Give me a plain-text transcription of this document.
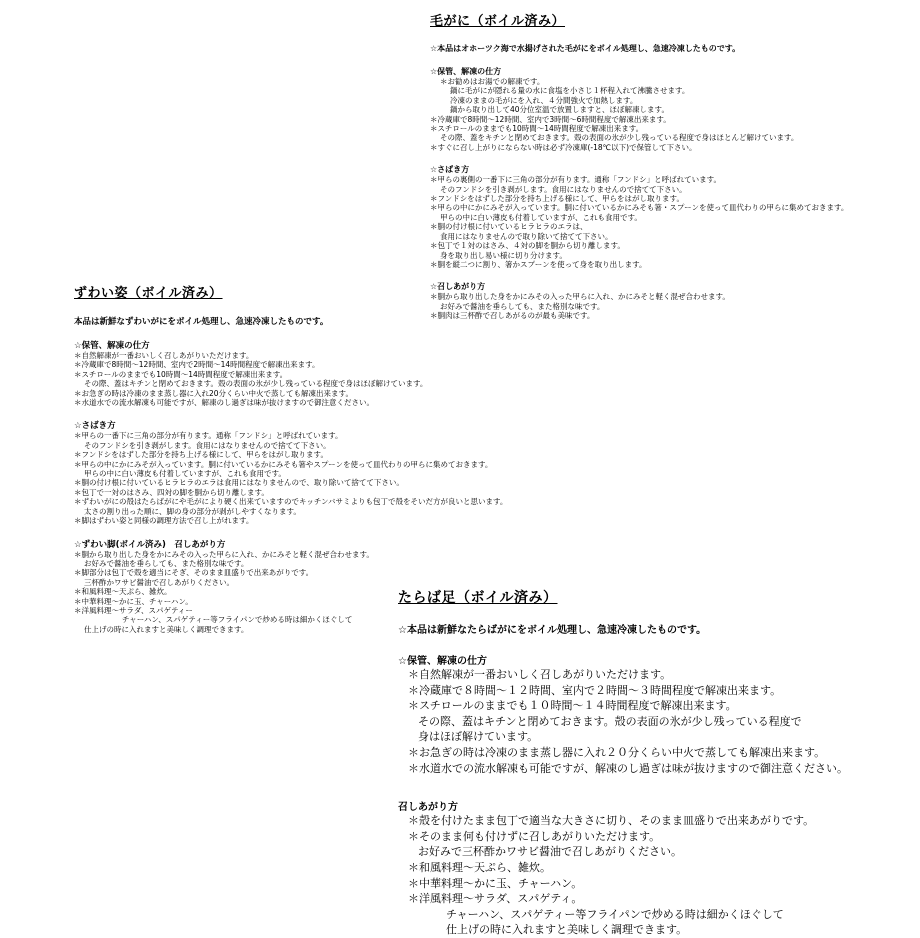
毛がに（ボイル済み）
☆本品はオホーツク海で水揚げされた毛がにをボイル処理し、急速冷凍したものです。
☆保管、解凍の仕方
＊お勧めはお湯での解凍です。
鍋に毛がにが隠れる量の水に食塩を小さじ１杯程入れて沸騰させます。
冷凍のままの毛がにを入れ、４分間強火で加熱します。
鍋から取り出して40分位室温で放置しますと、ほぼ解凍します。
＊冷蔵庫で8時間～12時間、室内で3時間～6時間程度で解凍出来ます。
＊スチロールのままでも10時間～14時間程度で解凍出来ます。
その際、蓋をキチンと閉めておきます。殻の表面の氷が少し残っている程度で身はほとんど解けています。
＊すぐに召し上がりにならない時は必ず冷凍庫(-18℃以下)で保管して下さい。
☆さばき方
＊甲らの裏側の一番下に三角の部分が有ります。通称「フンドシ」と呼ばれています。
そのフンドシを引き剥がします。食用にはなりませんので捨てて下さい。
＊フンドシをはずした部分を持ち上げる様にして、甲らをはがし取ります。
＊甲らの中にかにみそが入っています。胴に付いているかにみそも箸・スプーンを使って皿代わりの甲らに集めておきます。
甲らの中に白い薄皮も付着していますが、これも食用です。
＊胴の付け根に付いているヒラヒラのエラは、
食用にはなりませんので取り除いて捨てて下さい。
＊包丁で１対のはさみ、４対の脚を胴から切り離します。
身を取り出し易い様に切り分けます。
＊胴を縦二つに割り、箸かスプーンを使って身を取り出します。
☆召しあがり方
＊胴から取り出した身をかにみその入った甲らに入れ、かにみそと軽く混ぜ合わせます。
お好みで醤油を垂らしても、また格別な味です。
＊胴肉は三杯酢で召しあがるのが最も美味です。
ずわい姿（ボイル済み）
本品は新鮮なずわいがにをボイル処理し、急速冷凍したものです。
☆保管、解凍の仕方
＊自然解凍が一番おいしく召しあがりいただけます。
＊冷蔵庫で8時間～12時間、室内で2時間～14時間程度で解凍出来ます。
＊スチロールのままでも10時間～14時間程度で解凍出来ます。
その際、蓋はキチンと閉めておきます。殻の表面の氷が少し残っている程度で身はほぼ解けています。
＊お急ぎの時は冷凍のまま蒸し器に入れ20分くらい中火で蒸しても解凍出来ます。
＊水道水での流水解凍も可能ですが、解凍のし過ぎは味が抜けますので御注意ください。
☆さばき方
＊甲らの一番下に三角の部分が有ります。通称「フンドシ」と呼ばれています。
そのフンドシを引き剥がします。食用にはなりませんので捨てて下さい。
＊フンドシをはずした部分を持ち上げる様にして、甲らをはがし取ります。
＊甲らの中にかにみそが入っています。胴に付いているかにみそも箸やスプーンを使って皿代わりの甲らに集めておきます。
甲らの中に白い薄皮も付着していますが、これも食用です。
＊胴の付け根に付いているヒラヒラのエラは食用にはなりませんので、取り除いて捨てて下さい。
＊包丁で一対のはさみ、四対の脚を胴から切り離します。
＊ずわいがにの殻はたらばがにや毛がにより硬く出来ていますのでキッチンバサミよりも包丁で殻をそいだ方が良いと思います。
太さの割り出った順に、脚の身の部分が剥がしやすくなります。
＊脚はずわい姿と同様の調理方法で召し上がれます。
☆ずわい脚(ボイル済み)　召しあがり方
＊胴から取り出した身をかにみその入った甲らに入れ、かにみそと軽く混ぜ合わせます。
お好みで醤油を垂らしても、また格別な味です。
＊脚部分は包丁で殻を適当にそぎ、そのまま皿盛りで出来あがりです。
三杯酢かワサビ醤油で召しあがりください。
＊和風料理～天ぷら、雑炊。
＊中華料理～かに玉、チャーハン。
＊洋風料理～サラダ、スパゲティー
チャーハン、スパゲティー等フライパンで炒める時は細かくほぐして
仕上げの時に入れますと美味しく調理できます。
たらば足（ボイル済み）
☆本品は新鮮なたらばがにをボイル処理し、急速冷凍したものです。
☆保管、解凍の仕方
＊自然解凍が一番おいしく召しあがりいただけます。
＊冷蔵庫で８時間～１２時間、室内で２時間～３時間程度で解凍出来ます。
＊スチロールのままでも１０時間～１４時間程度で解凍出来ます。
その際、蓋はキチンと閉めておきます。殻の表面の氷が少し残っている程度で
身はほぼ解けています。
＊お急ぎの時は冷凍のまま蒸し器に入れ２０分くらい中火で蒸しても解凍出来ます。
＊水道水での流水解凍も可能ですが、解凍のし過ぎは味が抜けますので御注意ください。
召しあがり方
＊殻を付けたまま包丁で適当な大きさに切り、そのまま皿盛りで出来あがりです。
＊そのまま何も付けずに召しあがりいただけます。
お好みで三杯酢かワサビ醤油で召しあがりください。
＊和風料理～天ぷら、雑炊。
＊中華料理～かに玉、チャーハン。
＊洋風料理～サラダ、スパゲティ。
チャーハン、スパゲティー等フライパンで炒める時は細かくほぐして
仕上げの時に入れますと美味しく調理できます。
